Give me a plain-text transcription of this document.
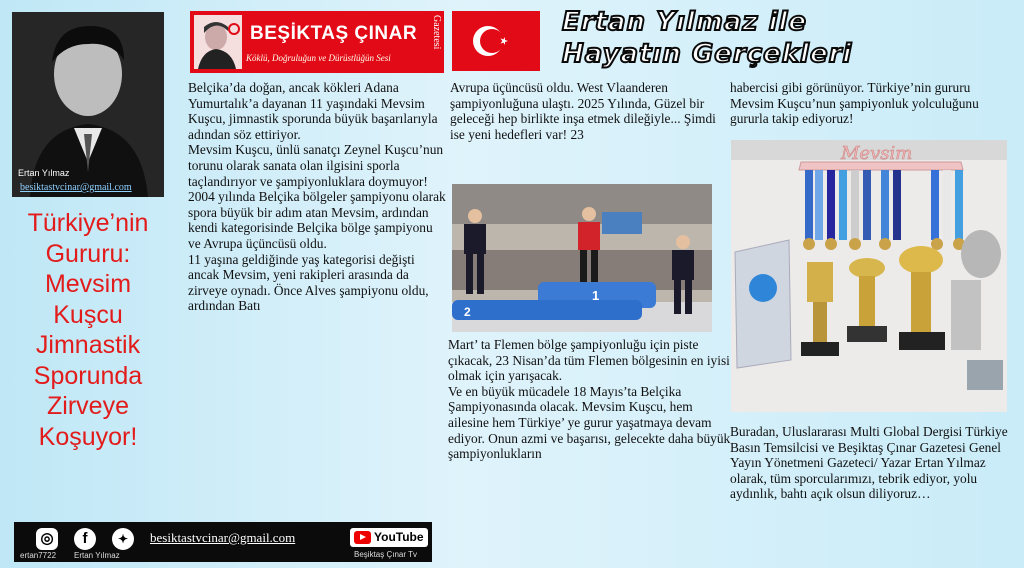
Ertan Yılmaz
besiktastvcinar@gmail.com
Türkiye’nin
Gururu:
Mevsim
Kuşcu
Jimnastik
Sporunda
Zirveye
Koşuyor!
◎	f	✦
ertan7722 Ertan Yılmaz
besiktastvcinar@gmail.com	YouTube
Beşiktaş Çınar Tv
BEŞİKTAŞ ÇINAR
Köklü, Doğruluğun ve Dürüstlüğün Sesi
Gazetesi	Ertan Yılmaz ile
Hayatın Gerçekleri

Belçika’da doğan, ancak kökleri Adana Yumurtalık’a dayanan 11 yaşındaki Mevsim Kuşcu, jimnastik sporunda büyük başarılarıyla adından söz ettiriyor.

Mevsim Kuşcu, ünlü sanatçı Zeynel Kuşcu’nun torunu olarak sanata olan ilgisini sporla taçlandırıyor ve şampiyonluklara doymuyor!

2004 yılında Belçika bölgeler şampiyonu olarak spora büyük bir adım atan Mevsim, ardından kendi kategorisinde Belçika bölge şampiyonu ve Avrupa üçüncüsü oldu.

11 yaşına geldiğinde yaş kategorisi değişti ancak Mevsim, yeni rakipleri arasında da zirveye oynadı. Önce Alves şampiyonu oldu, ardından Batı

Avrupa üçüncüsü oldu. West Vlaanderen şampiyonluğuna ulaştı. 2025 Yılında, Güzel bir geleceği hep birlikte inşa etmek dileğiyle... Şimdi ise yeni hedefleri var! 23

1
2

Mart’ ta Flemen bölge şampiyonluğu için piste çıkacak, 23 Nisan’da tüm Flemen bölgesinin en iyisi olmak için yarışacak.

Ve en büyük mücadele 18 Mayıs’ta Belçika Şampiyonasında olacak. Mevsim Kuşcu, hem ailesine hem Türkiye’ ye gurur yaşatmaya devam ediyor. Onun azmi ve başarısı, gelecekte daha büyük şampiyonlukların

habercisi gibi görünüyor. Türkiye’nin gururu Mevsim Kuşcu’nun şampiyonluk yolculuğunu gururla takip ediyoruz!

Mevsim

Buradan, Uluslararası Multi Global Dergisi Türkiye Basın Temsilcisi ve Beşiktaş Çınar Gazetesi Genel Yayın Yönetmeni Gazeteci/ Yazar Ertan Yılmaz olarak, tüm sporcularımızı, tebrik ediyor, yolu aydınlık, bahtı açık olsun diliyoruz…
